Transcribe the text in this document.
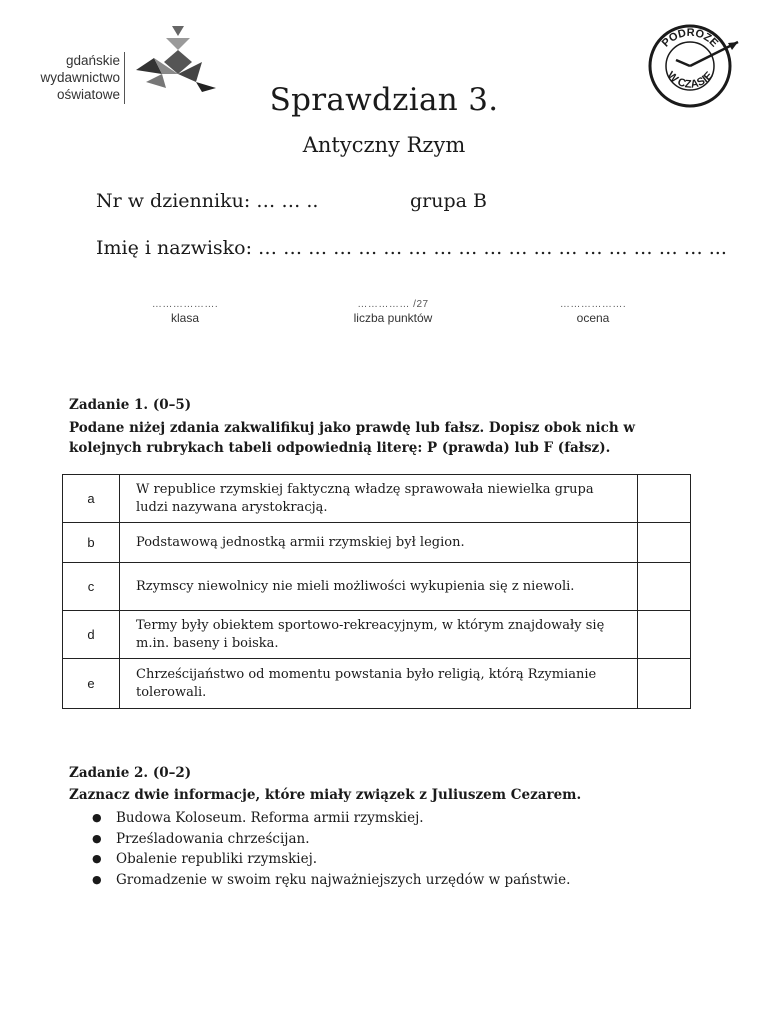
gdańskie
wydawnictwo
oświatowe
PODRÓŻE
W CZASIE
Sprawdzian 3.
Antyczny Rzym
Nr w dzienniku: … … ..	grupa B
Imię i nazwisko: … … … … … … … … … … … … … … … … … … ...
……………….
klasa
…………… /27
liczba punktów
……………….
ocena
Zadanie 1. (0–5)
Podane niżej zdania zakwalifikuj jako prawdę lub fałsz. Dopisz obok nich w kolejnych rubrykach tabeli odpowiednią literę: P (prawda) lub F (fałsz).
a	W republice rzymskiej faktyczną władzę sprawowała niewielka grupa ludzi nazywana arystokracją.	
b	Podstawową jednostką armii rzymskiej był legion.	
c	Rzymscy niewolnicy nie mieli możliwości wykupienia się z niewoli.	
d	Termy były obiektem sportowo-rekreacyjnym, w którym znajdowały się m.in. baseny i boiska.	
e	Chrześcijaństwo od momentu powstania było religią, którą Rzymianie tolerowali.	
Zadanie 2. (0–2)
Zaznacz dwie informacje, które miały związek z Juliuszem Cezarem.
● Budowa Koloseum. Reforma armii rzymskiej.
● Prześladowania chrześcijan.
● Obalenie republiki rzymskiej.
● Gromadzenie w swoim ręku najważniejszych urzędów w państwie.
